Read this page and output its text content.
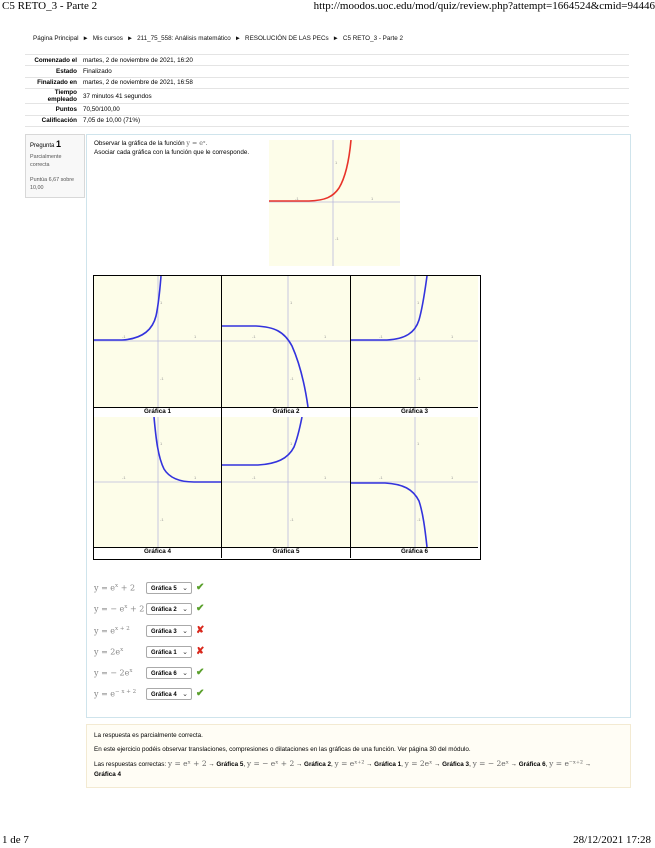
C5 RETO_3 - Parte 2	http://moodos.uoc.edu/mod/quiz/review.php?attempt=1664524&cmid=94446
Página Principal ► Mis cursos ► 211_75_558: Análisis matemático ► RESOLUCIÓN DE LAS PECs ► C5 RETO_3 - Parte 2
Comenzado el	martes, 2 de noviembre de 2021, 16:20
Estado	Finalizado
Finalizado en	martes, 2 de noviembre de 2021, 16:58
Tiempo empleado	37 minutos 41 segundos
Puntos	70,50/100,00
Calificación	7,05 de 10,00 (71%)
Pregunta 1
Parcialmente correcta
Puntúa 6,67 sobre 10,00
Observar la gráfica de la función y = eˣ.
Asociar cada gráfica con la función que le corresponde.
-1	1
1
-1
-1	1
1
-1
-1	1
1
-1
-1	1
1
-1
-1	1
1
-1
-1	1
1
-1
-1	1
1
-1
Gráfica 1	Gráfica 2	Gráfica 3
Gráfica 4	Gráfica 5	Gráfica 6
$y = e^x + 2$	Gráfica 5 ⌄ ✔
y = − $e^x + 2$	Gráfica 2 ⌄ ✔
$y = e^{x + 2}$	Gráfica 3 ⌄ ✘
$y = 2e^x$	Gráfica 1 ⌄ ✘
y = − $2e^x$	Gráfica 6 ⌄ ✔
$y = e^{- x + 2}$	Gráfica 4 ⌄ ✔
La respuesta es parcialmente correcta.
En este ejercicio podéis observar translaciones, compresiones o dilataciones en las gráficas de una función. Ver página 30 del módulo.
Las respuestas correctas: y = eˣ + 2 → Gráfica 5, y = − eˣ + 2 → Gráfica 2, y = eˣ⁺² → Gráfica 1, y = 2eˣ → Gráfica 3, y = − 2eˣ → Gráfica 6, y = e⁻ˣ⁺² → Gráfica 4
1 de 7	28/12/2021 17:28
